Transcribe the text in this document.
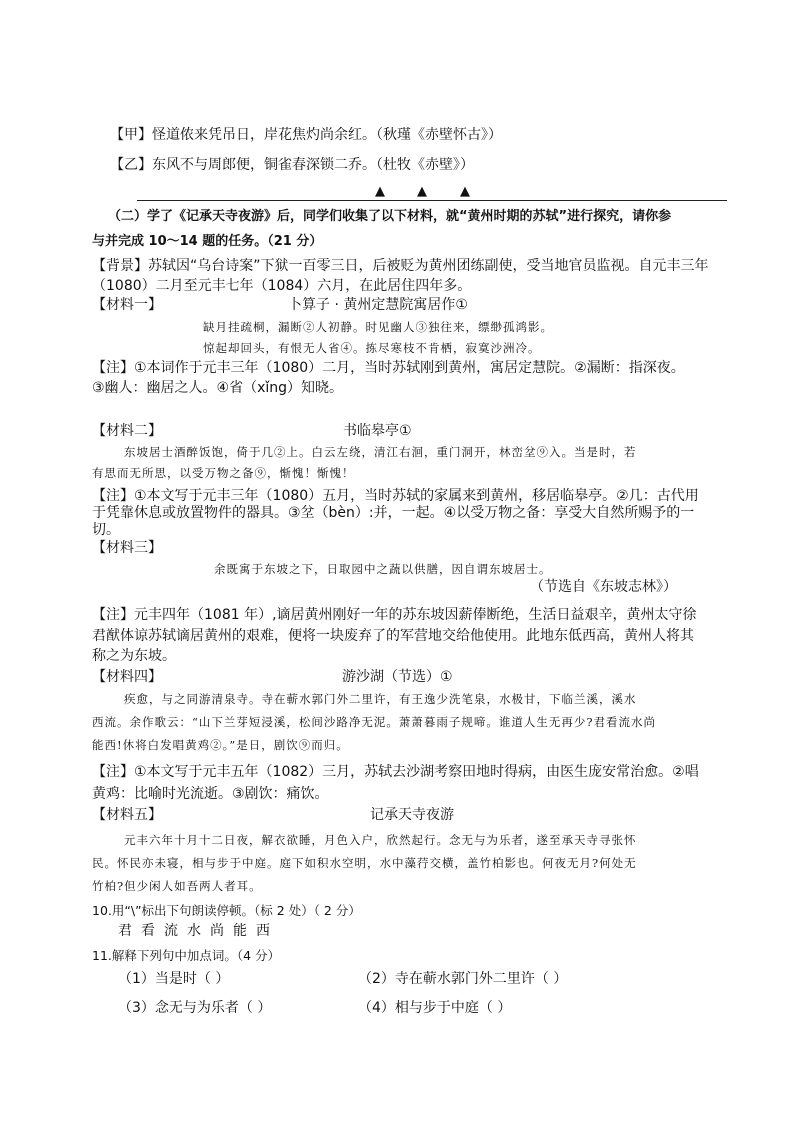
【甲】怪道侬来凭吊日，岸花焦灼尚余红。（秋瑾《赤壁怀古》）
【乙】东风不与周郎便，铜雀春深锁二乔。（杜牧《赤壁》）
▲ ▲	▲
（二）学了《记承天寺夜游》后，同学们收集了以下材料，就“黄州时期的苏轼”进行探究，请你参
与并完成 10～14 题的任务。（21 分）
【背景】苏轼因“乌台诗案”下狱一百零三日，后被贬为黄州团练副使，受当地官员监视。自元丰三年
（1080）二月至元丰七年（1084）六月，在此居住四年多。
【材料一】	卜算子 · 黄州定慧院寓居作①
缺月挂疏桐，漏断②人初静。时见幽人③独往来，缥缈孤鸿影。
惊起却回头，有恨无人省④。拣尽寒枝不肯栖，寂寞沙洲冷。
【注】①本词作于元丰三年（1080）二月，当时苏轼刚到黄州，寓居定慧院。②漏断：指深夜。
③幽人：幽居之人。④省（xǐng）知晓。
【材料二】	书临皋亭①
东坡居士酒醉饭饱，倚于几②上。白云左绕，清江右洄，重门洞开，林峦坌⑨入。当是时，若
有思而无所思，以受万物之备⑨，惭愧！惭愧！
【注】①本文写于元丰三年（1080）五月，当时苏轼的家属来到黄州，移居临皋亭。②几：古代用
于凭靠休息或放置物件的器具。③坌（bèn）:并，一起。④以受万物之备：享受大自然所赐予的一
切。
【材料三】
余既寓于东坡之下，日取园中之蔬以供膳，因自谓东坡居士。
（节选自《东坡志林》）
【注】元丰四年（1081 年）,谪居黄州刚好一年的苏东坡因薪俸断绝，生活日益艰辛，黄州太守徐
君猷体谅苏轼谪居黄州的艰难，便将一块废弃了的军营地交给他使用。此地东低西高，黄州人将其
称之为东坡。
【材料四】	游沙湖（节选）①
疾愈，与之同游清泉寺。寺在蕲水郭门外二里许，有王逸少洗笔泉，水极甘，下临兰溪，溪水
西流。余作歌云：“山下兰芽短浸溪，松间沙路净无泥。萧萧暮雨子规啼。谁道人生无再少?君看流水尚
能西!休将白发唱黄鸡②。”是日，剧饮⑨而归。
【注】①本文写于元丰五年（1082）三月，苏轼去沙湖考察田地时得病，由医生庞安常治愈。②唱
黄鸡：比喻时光流逝。③剧饮：痛饮。
【材料五】	记承天寺夜游
元丰六年十月十二日夜，解衣欲睡，月色入户，欣然起行。念无与为乐者，遂至承天寺寻张怀
民。怀民亦未寝，相与步于中庭。庭下如积水空明，水中藻荇交横，盖竹柏影也。何夜无月?何处无
竹柏?但少闲人如吾两人者耳。
10.用“\”标出下句朗读停顿。（标 2 处）（ 2 分）
君看流水尚能西
11.解释下列句中加点词。（4 分）
（1）当是时（ ）	（2）寺在蕲水郭门外二里许（ ）
（3）念无与为乐者（ ）	（4）相与步于中庭（ ）
